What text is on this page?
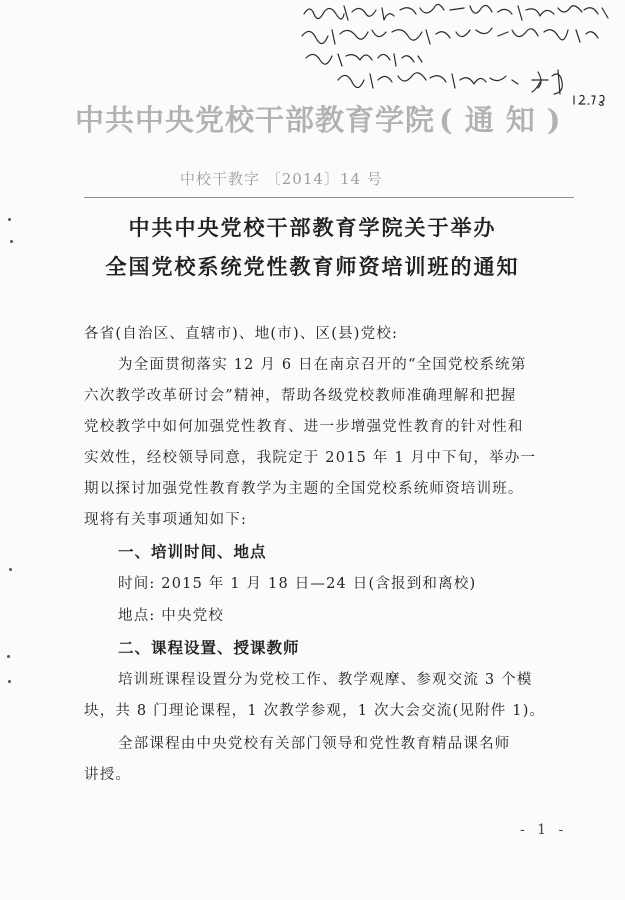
中共中央党校干部教育学院 (通知)
中校干教字 〔2014〕14 号
中共中央党校干部教育学院关于举办
全国党校系统党性教育师资培训班的通知
各省(自治区、直辖市)、地(市)、区(县)党校:
为全面贯彻落实 12 月 6 日在南京召开的“全国党校系统第
六次教学改革研讨会”精神，帮助各级党校教师准确理解和把握
党校教学中如何加强党性教育、进一步增强党性教育的针对性和
实效性，经校领导同意，我院定于 2015 年 1 月中下旬，举办一
期以探讨加强党性教育教学为主题的全国党校系统师资培训班。
现将有关事项通知如下:
一、培训时间、地点
时间: 2015 年 1 月 18 日—24 日(含报到和离校)
地点: 中央党校
二、课程设置、授课教师
培训班课程设置分为党校工作、教学观摩、参观交流 3 个模
块，共 8 门理论课程，1 次教学参观，1 次大会交流(见附件 1)。
全部课程由中央党校有关部门领导和党性教育精品课名师
讲授。
- 1 -
